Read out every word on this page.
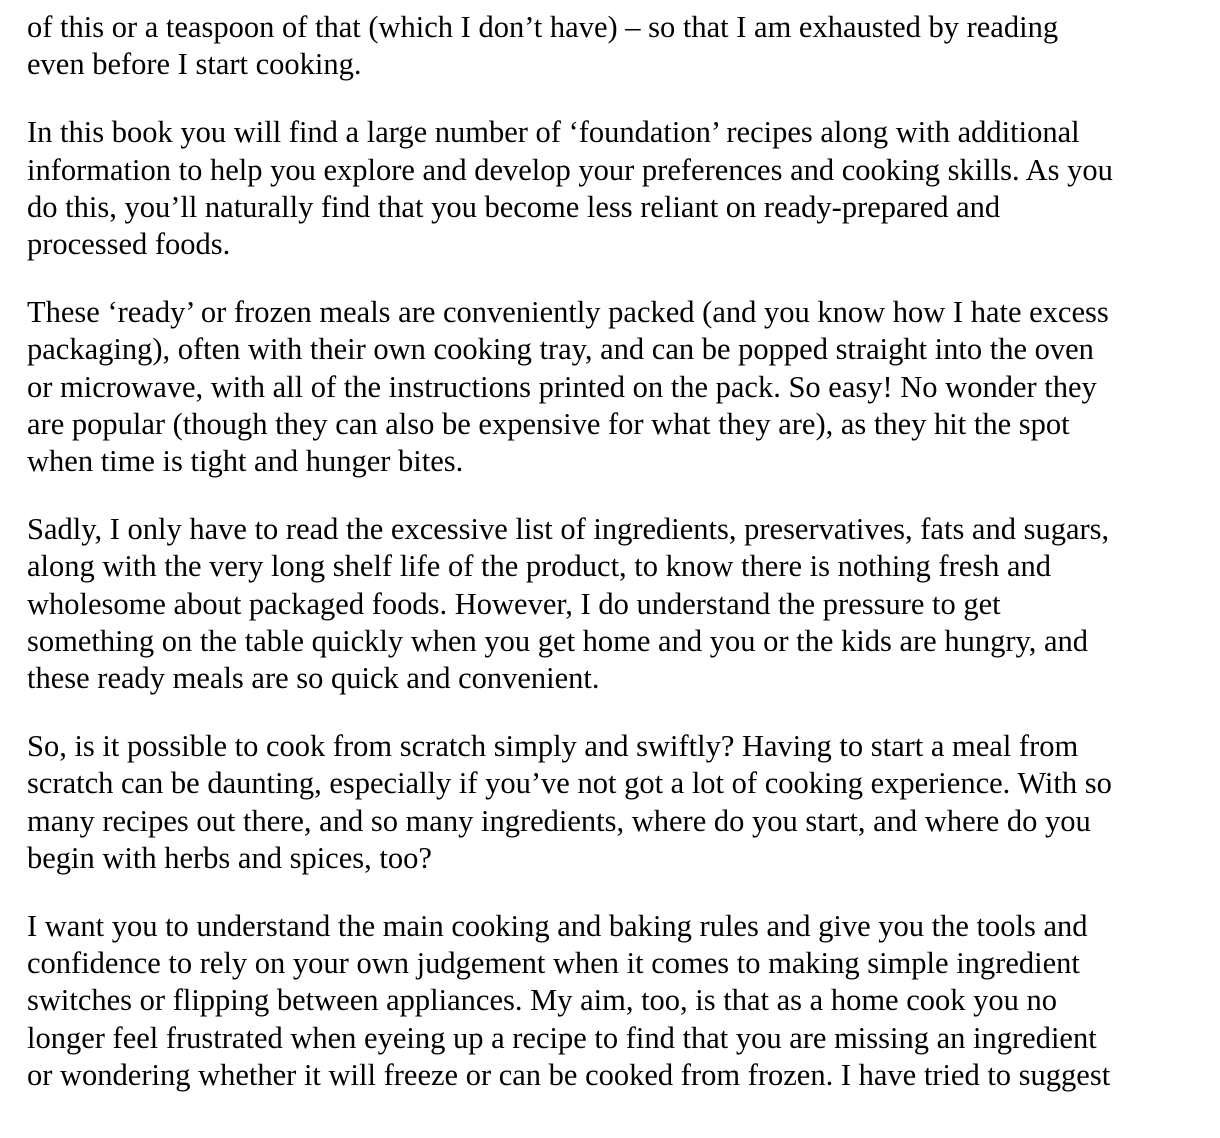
of this or a teaspoon of that (which I don’t have) – so that I am exhausted by reading
even before I start cooking.

In this book you will find a large number of ‘foundation’ recipes along with additional
information to help you explore and develop your preferences and cooking skills. As you
do this, you’ll naturally find that you become less reliant on ready-prepared and
processed foods.

These ‘ready’ or frozen meals are conveniently packed (and you know how I hate excess
packaging), often with their own cooking tray, and can be popped straight into the oven
or microwave, with all of the instructions printed on the pack. So easy! No wonder they
are popular (though they can also be expensive for what they are), as they hit the spot
when time is tight and hunger bites.

Sadly, I only have to read the excessive list of ingredients, preservatives, fats and sugars,
along with the very long shelf life of the product, to know there is nothing fresh and
wholesome about packaged foods. However, I do understand the pressure to get
something on the table quickly when you get home and you or the kids are hungry, and
these ready meals are so quick and convenient.

So, is it possible to cook from scratch simply and swiftly? Having to start a meal from
scratch can be daunting, especially if you’ve not got a lot of cooking experience. With so
many recipes out there, and so many ingredients, where do you start, and where do you
begin with herbs and spices, too?

I want you to understand the main cooking and baking rules and give you the tools and
confidence to rely on your own judgement when it comes to making simple ingredient
switches or flipping between appliances. My aim, too, is that as a home cook you no
longer feel frustrated when eyeing up a recipe to find that you are missing an ingredient
or wondering whether it will freeze or can be cooked from frozen. I have tried to suggest
